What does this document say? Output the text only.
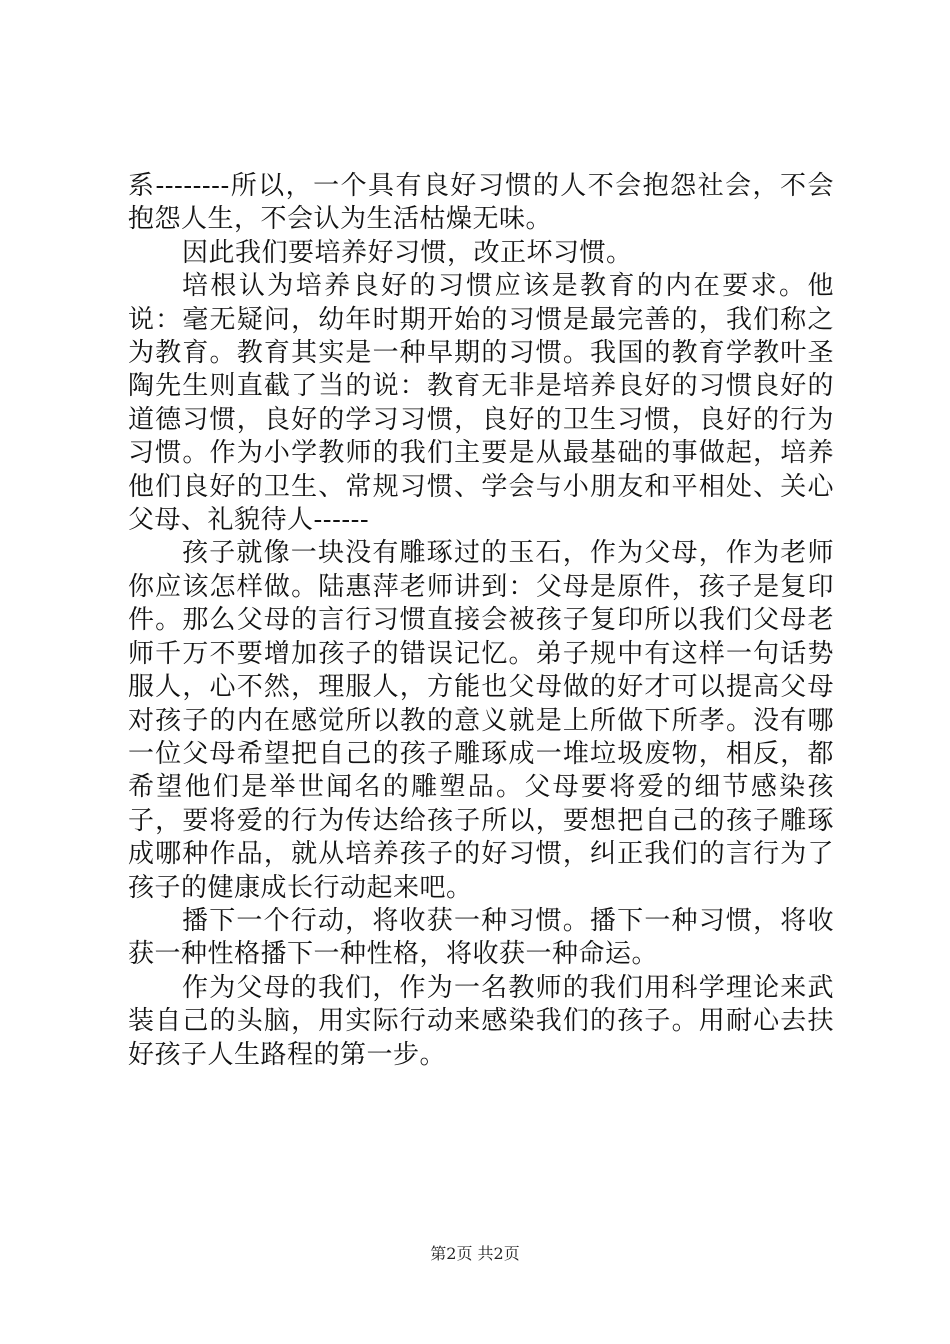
系--------所以，一个具有良好习惯的人不会抱怨社会，不会抱怨人生，不会认为生活枯燥无味。

因此我们要培养好习惯，改正坏习惯。

培根认为培养良好的习惯应该是教育的内在要求。他说：毫无疑问，幼年时期开始的习惯是最完善的，我们称之为教育。教育其实是一种早期的习惯。我国的教育学教叶圣陶先生则直截了当的说：教育无非是培养良好的习惯良好的道德习惯，良好的学习习惯，良好的卫生习惯，良好的行为习惯。作为小学教师的我们主要是从最基础的事做起，培养他们良好的卫生、常规习惯、学会与小朋友和平相处、关心父母、礼貌待人------

孩子就像一块没有雕琢过的玉石，作为父母，作为老师你应该怎样做。陆惠萍老师讲到：父母是原件，孩子是复印件。那么父母的言行习惯直接会被孩子复印所以我们父母老师千万不要增加孩子的错误记忆。弟子规中有这样一句话势服人，心不然，理服人，方能也父母做的好才可以提高父母对孩子的内在感觉所以教的意义就是上所做下所孝。没有哪一位父母希望把自己的孩子雕琢成一堆垃圾废物，相反，都希望他们是举世闻名的雕塑品。父母要将爱的细节感染孩子，要将爱的行为传达给孩子所以，要想把自己的孩子雕琢成哪种作品，就从培养孩子的好习惯，纠正我们的言行为了孩子的健康成长行动起来吧。

播下一个行动，将收获一种习惯。播下一种习惯，将收获一种性格播下一种性格，将收获一种命运。

作为父母的我们，作为一名教师的我们用科学理论来武装自己的头脑，用实际行动来感染我们的孩子。用耐心去扶好孩子人生路程的第一步。

第2页 共2页
